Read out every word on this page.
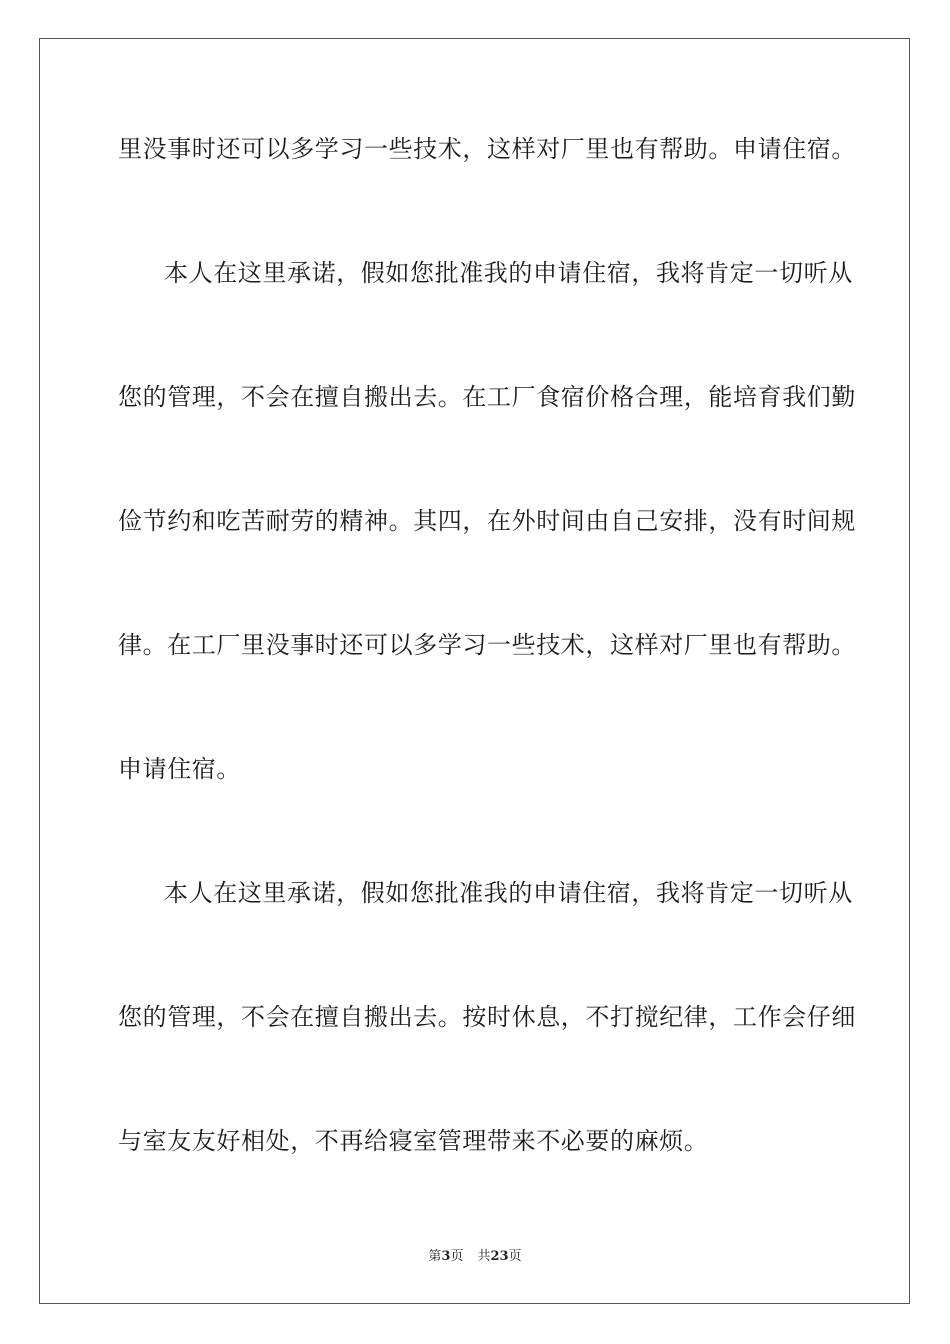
里没事时还可以多学习一些技术，这样对厂里也有帮助。申请住宿。
本人在这里承诺，假如您批准我的申请住宿，我将肯定一切听从
您的管理，不会在擅自搬出去。在工厂食宿价格合理，能培育我们勤
俭节约和吃苦耐劳的精神。其四，在外时间由自己安排，没有时间规
律。在工厂里没事时还可以多学习一些技术，这样对厂里也有帮助。
申请住宿。
本人在这里承诺，假如您批准我的申请住宿，我将肯定一切听从
您的管理，不会在擅自搬出去。按时休息，不打搅纪律，工作会仔细
与室友友好相处，不再给寝室管理带来不必要的麻烦。
第3页 共23页
